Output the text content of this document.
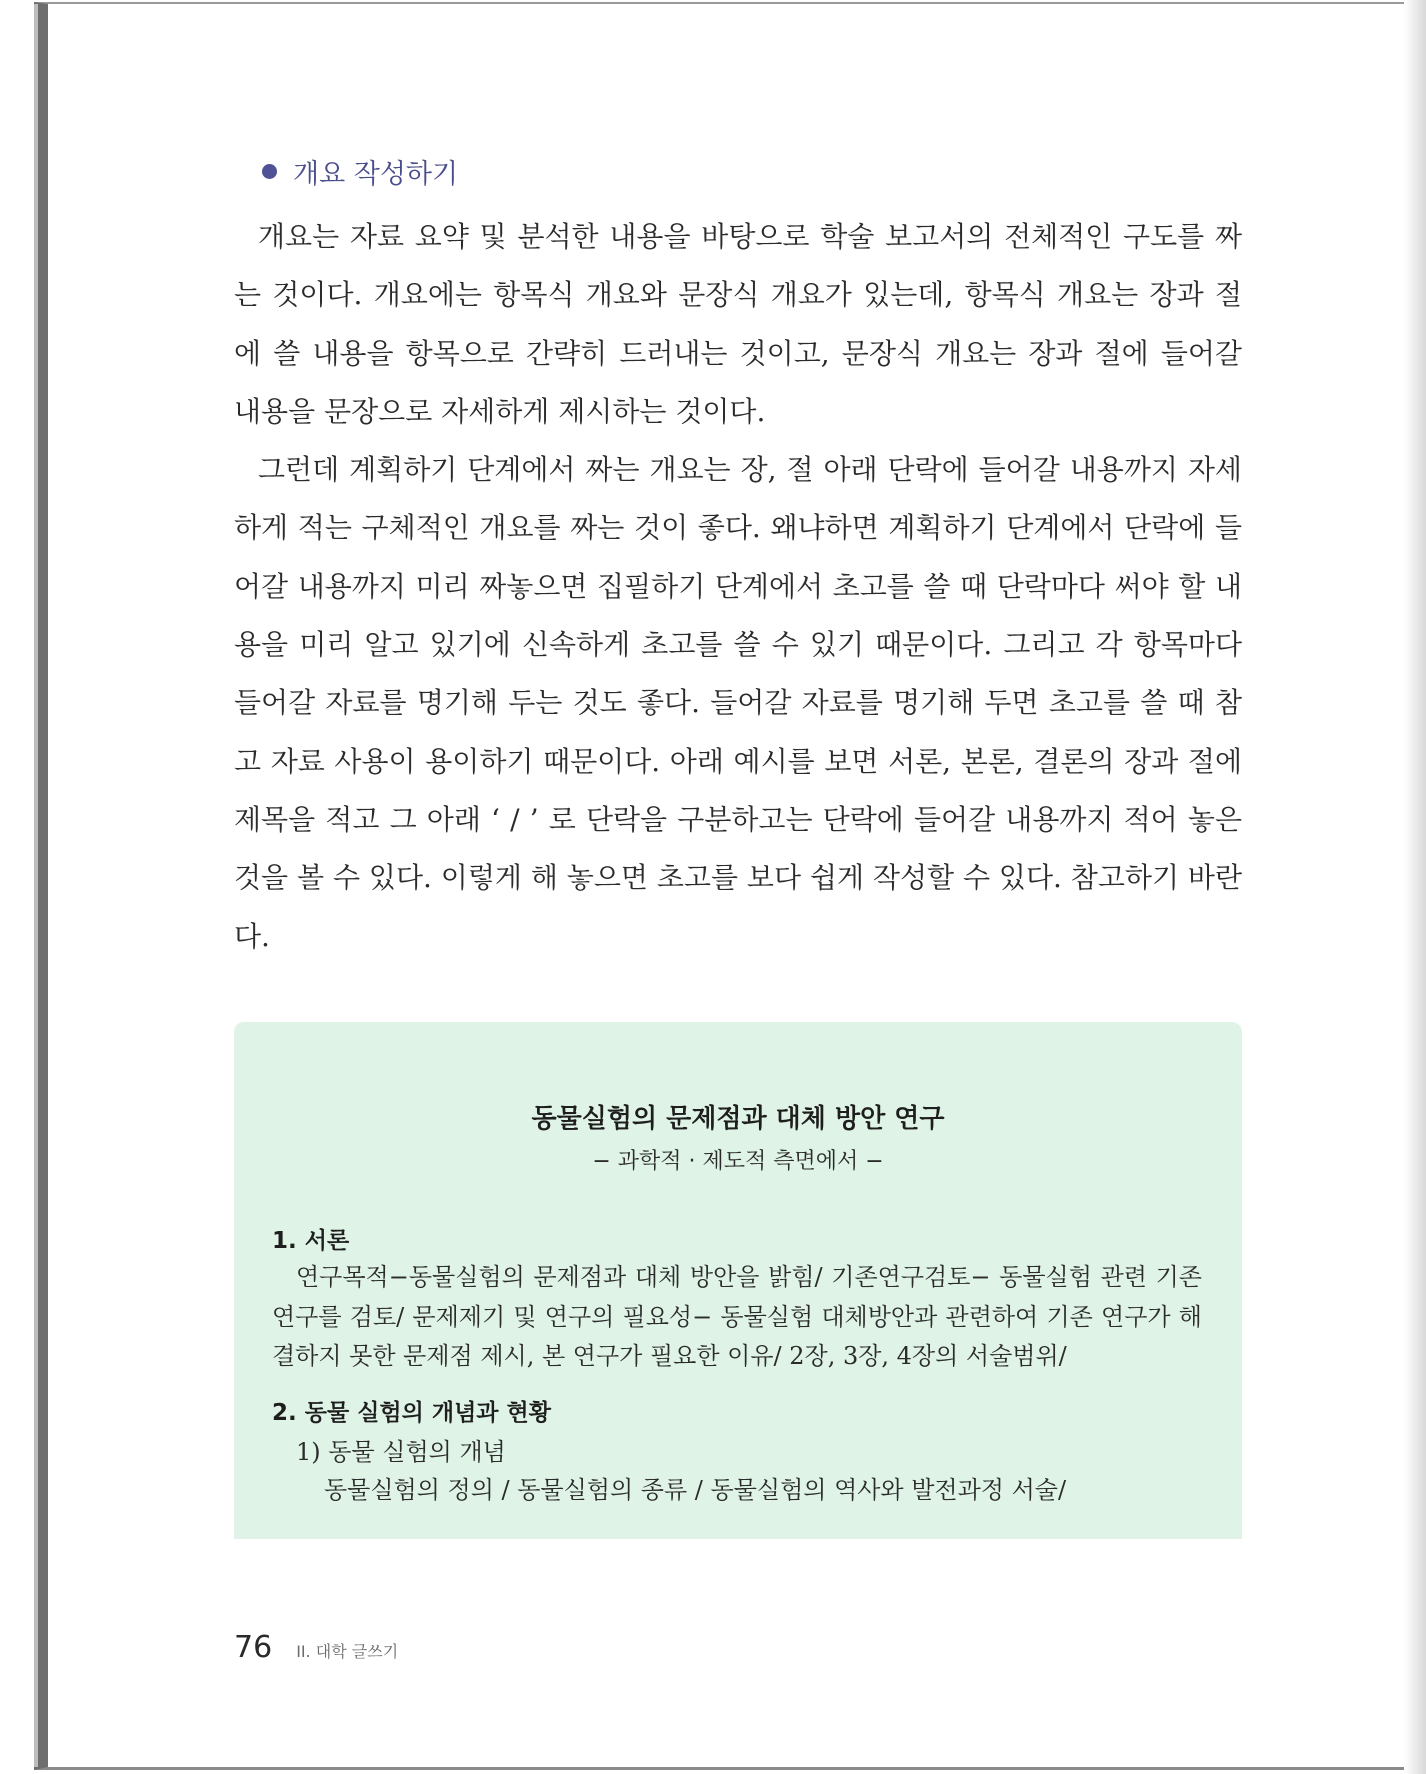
개요 작성하기

개요는 자료 요약 및 분석한 내용을 바탕으로 학술 보고서의 전체적인 구도를 짜는 것이다. 개요에는 항목식 개요와 문장식 개요가 있는데, 항목식 개요는 장과 절에 쓸 내용을 항목으로 간략히 드러내는 것이고, 문장식 개요는 장과 절에 들어갈 내용을 문장으로 자세하게 제시하는 것이다.

그런데 계획하기 단계에서 짜는 개요는 장, 절 아래 단락에 들어갈 내용까지 자세하게 적는 구체적인 개요를 짜는 것이 좋다. 왜냐하면 계획하기 단계에서 단락에 들어갈 내용까지 미리 짜놓으면 집필하기 단계에서 초고를 쓸 때 단락마다 써야 할 내용을 미리 알고 있기에 신속하게 초고를 쓸 수 있기 때문이다. 그리고 각 항목마다 들어갈 자료를 명기해 두는 것도 좋다. 들어갈 자료를 명기해 두면 초고를 쓸 때 참고 자료 사용이 용이하기 때문이다. 아래 예시를 보면 서론, 본론, 결론의 장과 절에 제목을 적고 그 아래 ‘ / ’ 로 단락을 구분하고는 단락에 들어갈 내용까지 적어 놓은 것을 볼 수 있다. 이렇게 해 놓으면 초고를 보다 쉽게 작성할 수 있다. 참고하기 바란다.

동물실험의 문제점과 대체 방안 연구
− 과학적 · 제도적 측면에서 −
1. 서론
연구목적−동물실험의 문제점과 대체 방안을 밝힘/ 기존연구검토− 동물실험 관련 기존 연구를 검토/ 문제제기 및 연구의 필요성− 동물실험 대체방안과 관련하여 기존 연구가 해결하지 못한 문제점 제시, 본 연구가 필요한 이유/ 2장, 3장, 4장의 서술범위/
2. 동물 실험의 개념과 현황
1) 동물 실험의 개념
동물실험의 정의 / 동물실험의 종류 / 동물실험의 역사와 발전과정 서술/
76 II. 대학 글쓰기
